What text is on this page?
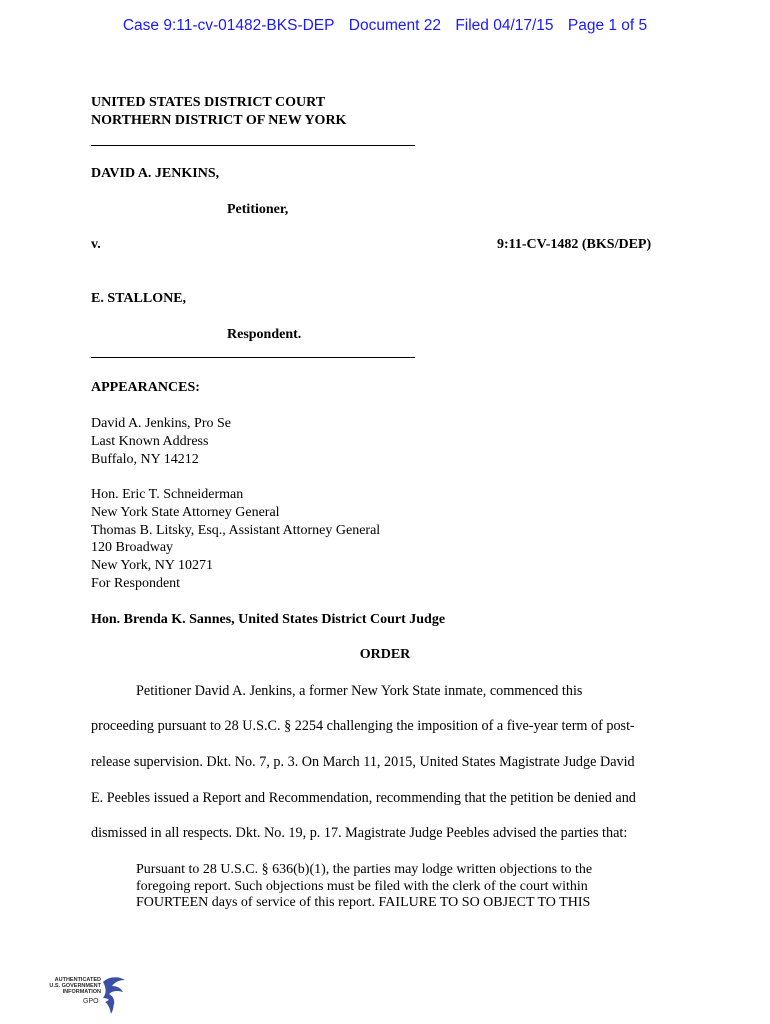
Case 9:11-cv-01482-BKS-DEP Document 22 Filed 04/17/15 Page 1 of 5
UNITED STATES DISTRICT COURT
NORTHERN DISTRICT OF NEW YORK
DAVID A. JENKINS,
Petitioner,
v.	9:11-CV-1482 (BKS/DEP)
E. STALLONE,
Respondent.
APPEARANCES:
David A. Jenkins, Pro Se
Last Known Address
Buffalo, NY 14212
Hon. Eric T. Schneiderman
New York State Attorney General
Thomas B. Litsky, Esq., Assistant Attorney General
120 Broadway
New York, NY 10271
For Respondent
Hon. Brenda K. Sannes, United States District Court Judge
ORDER
Petitioner David A. Jenkins, a former New York State inmate, commenced this
proceeding pursuant to 28 U.S.C. § 2254 challenging the imposition of a five-year term of post-
release supervision. Dkt. No. 7, p. 3. On March 11, 2015, United States Magistrate Judge David
E. Peebles issued a Report and Recommendation, recommending that the petition be denied and
dismissed in all respects. Dkt. No. 19, p. 17. Magistrate Judge Peebles advised the parties that:
Pursuant to 28 U.S.C. § 636(b)(1), the parties may lodge written objections to the
foregoing report. Such objections must be filed with the clerk of the court within
FOURTEEN days of service of this report. FAILURE TO SO OBJECT TO THIS
AUTHENTICATED
U.S. GOVERNMENT
INFORMATION
GPO
